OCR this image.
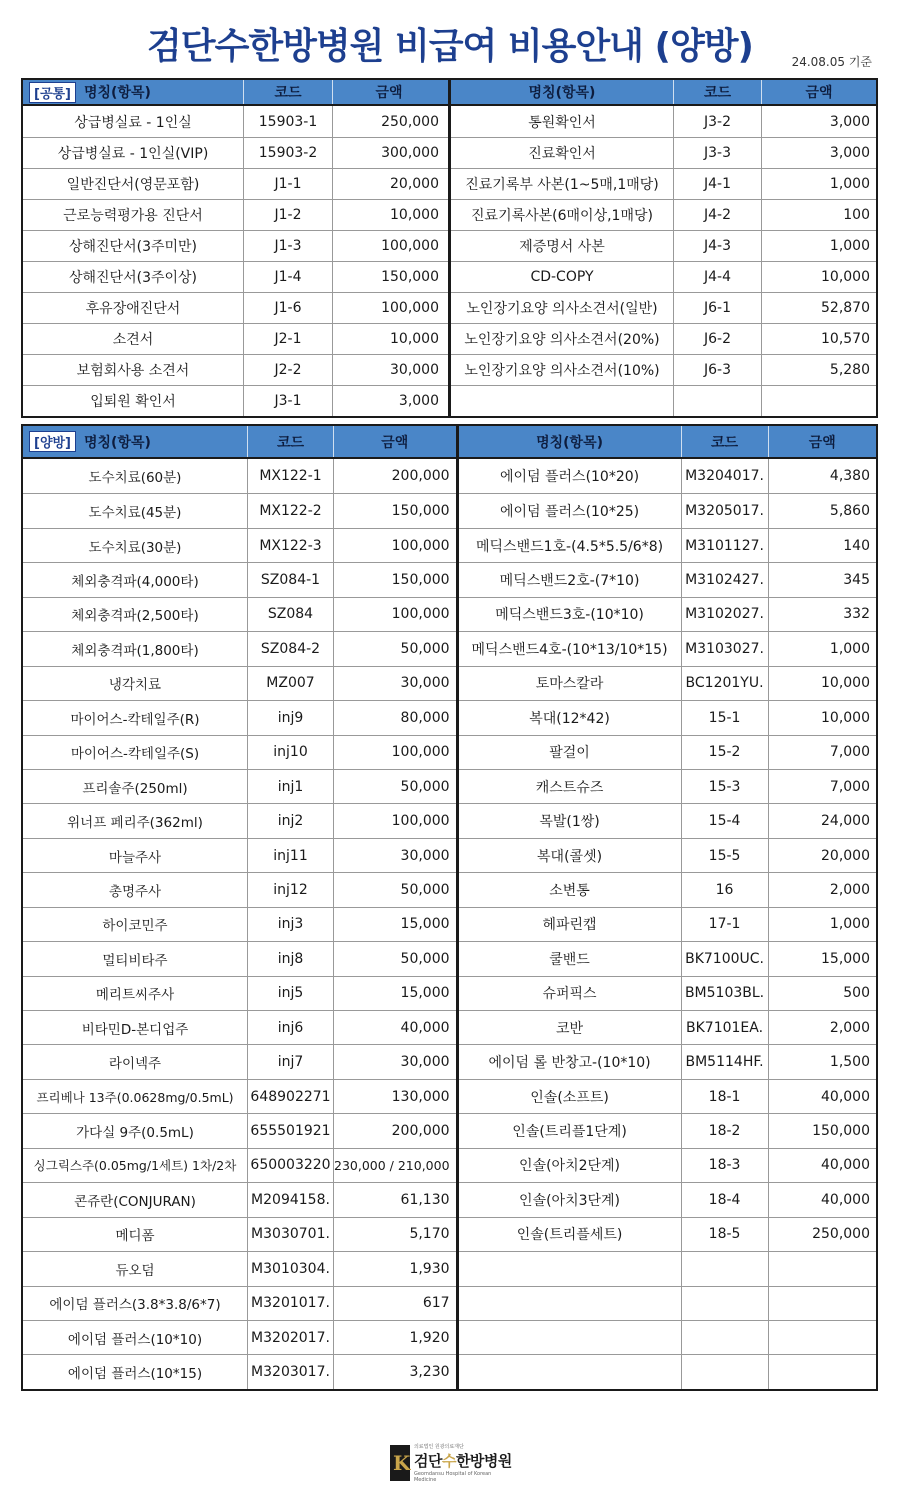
검단수한방병원 비급여 비용안내 (양방)	24.08.05 기준
[공통] 명칭(항목)	코드	금액
상급병실료 - 1인실	15903-1	250,000
상급병실료 - 1인실(VIP)	15903-2	300,000
일반진단서(영문포함)	J1-1	20,000
근로능력평가용 진단서	J1-2	10,000
상해진단서(3주미만)	J1-3	100,000
상해진단서(3주이상)	J1-4	150,000
후유장애진단서	J1-6	100,000
소견서	J2-1	10,000
보험회사용 소견서	J2-2	30,000
입퇴원 확인서	J3-1	3,000
명칭(항목)	코드	금액
통원확인서	J3-2	3,000
진료확인서	J3-3	3,000
진료기록부 사본(1~5매,1매당)	J4-1	1,000
진료기록사본(6매이상,1매당)	J4-2	100
제증명서 사본	J4-3	1,000
CD-COPY	J4-4	10,000
노인장기요양 의사소견서(일반)	J6-1	52,870
노인장기요양 의사소견서(20%)	J6-2	10,570
노인장기요양 의사소견서(10%)	J6-3	5,280
[양방] 명칭(항목)	코드	금액
도수치료(60분)	MX122-1	200,000
도수치료(45분)	MX122-2	150,000
도수치료(30분)	MX122-3	100,000
체외충격파(4,000타)	SZ084-1	150,000
체외충격파(2,500타)	SZ084	100,000
체외충격파(1,800타)	SZ084-2	50,000
냉각치료	MZ007	30,000
마이어스-칵테일주(R)	inj9	80,000
마이어스-칵테일주(S)	inj10	100,000
프리솔주(250ml)	inj1	50,000
위너프 페리주(362ml)	inj2	100,000
마늘주사	inj11	30,000
총명주사	inj12	50,000
하이코민주	inj3	15,000
멀티비타주	inj8	50,000
메리트씨주사	inj5	15,000
비타민D-본디업주	inj6	40,000
라이넥주	inj7	30,000
프리베나 13주(0.0628mg/0.5mL)	648902271	130,000
가다실 9주(0.5mL)	655501921	200,000
싱그릭스주(0.05mg/1세트) 1차/2차	650003220 230,000 / 210,000
콘쥬란(CONJURAN)	M2094158.	61,130
메디폼	M3030701.	5,170
듀오덤	M3010304.	1,930
에이덤 플러스(3.8*3.8/6*7)	M3201017.	617
에이덤 플러스(10*10)	M3202017.	1,920
에이덤 플러스(10*15)	M3203017.	3,230
명칭(항목)	코드	금액
에이덤 플러스(10*20)	M3204017.	4,380
에이덤 플러스(10*25)	M3205017.	5,860
메딕스밴드1호-(4.5*5.5/6*8)	M3101127.	140
메딕스밴드2호-(7*10)	M3102427.	345
메딕스밴드3호-(10*10)	M3102027.	332
메딕스밴드4호-(10*13/10*15)	M3103027.	1,000
토마스칼라	BC1201YU.	10,000
복대(12*42)	15-1	10,000
팔걸이	15-2	7,000
캐스트슈즈	15-3	7,000
목발(1쌍)	15-4	24,000
복대(콜셋)	15-5	20,000
소변통	16	2,000
헤파린캡	17-1	1,000
쿨밴드	BK7100UC.	15,000
슈퍼픽스	BM5103BL.	500
코반	BK7101EA.	2,000
에이덤 롤 반창고-(10*10)	BM5114HF.	1,500
인솔(소프트)	18-1	40,000
인솔(트리플1단계)	18-2	150,000
인솔(아치2단계)	18-3	40,000
인솔(아치3단계)	18-4	40,000
인솔(트리플세트)	18-5	250,000
K
의료법인 원광의료재단
검단수한방병원
Geomdansu Hospital of Korean Medicine
